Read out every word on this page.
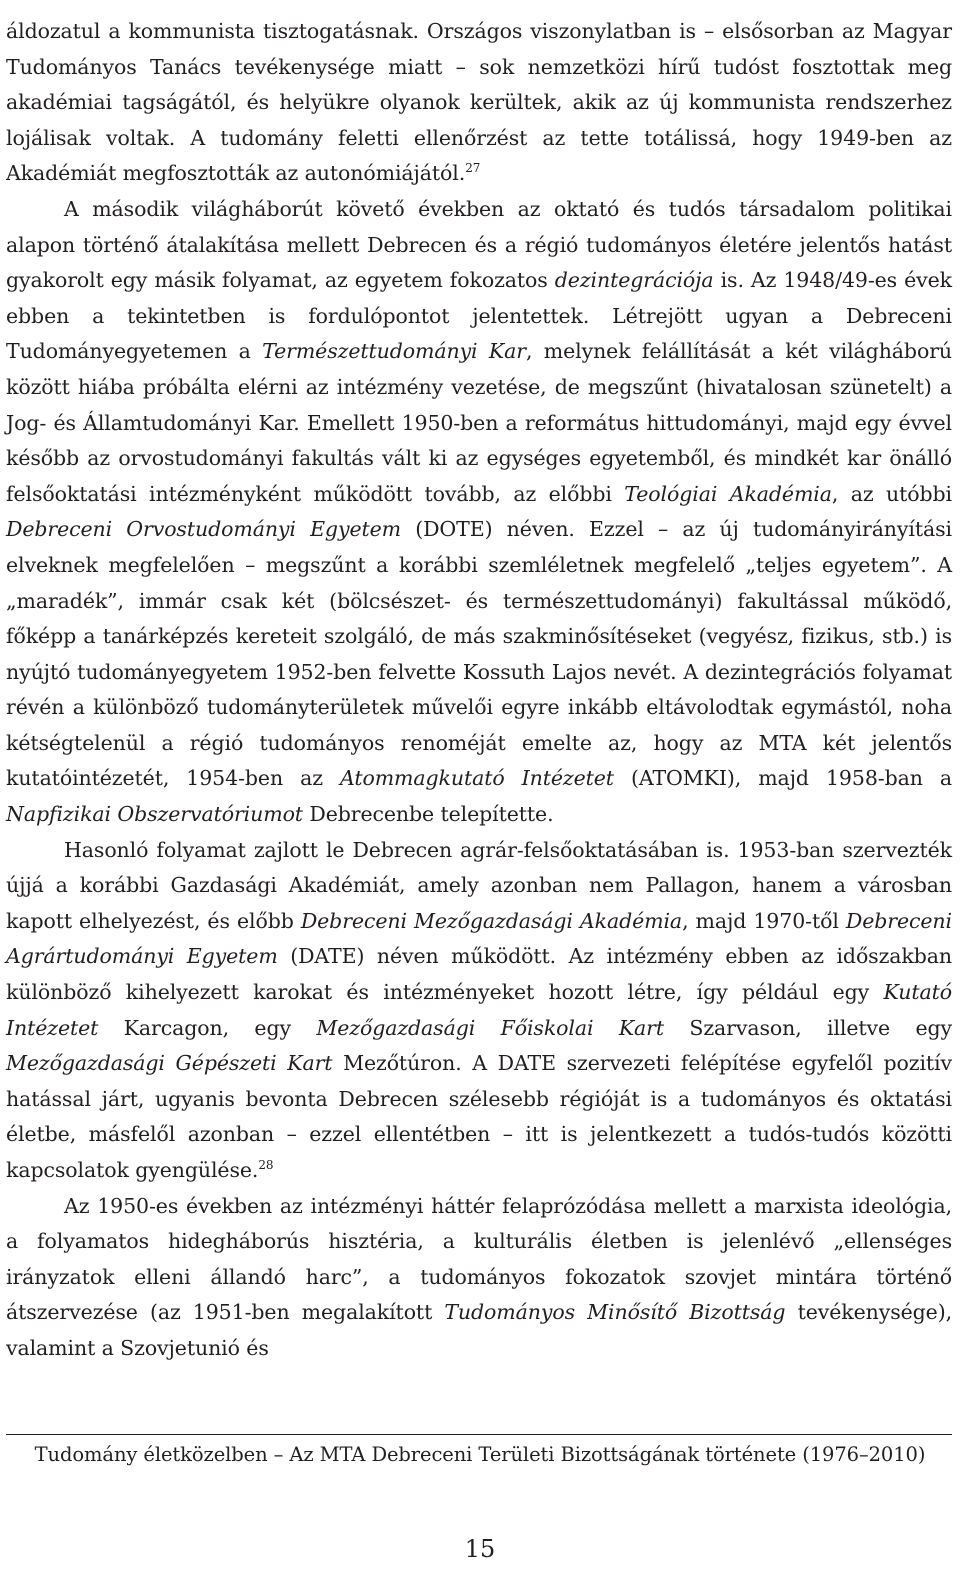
áldozatul a kommunista tisztogatásnak. Országos viszonylatban is – elsősorban az Magyar Tudományos Tanács tevékenysége miatt – sok nemzetközi hírű tudóst fosztottak meg akadémiai tagságától, és helyükre olyanok kerültek, akik az új kommunista rendszerhez lojálisak voltak. A tudomány feletti ellenőrzést az tette totálissá, hogy 1949-ben az Akadémiát megfosztották az autonómiájától.$^{27}$

A második világháborút követő években az oktató és tudós társadalom politikai alapon történő átalakítása mellett Debrecen és a régió tudományos életére jelentős hatást gyakorolt egy másik folyamat, az egyetem fokozatos dezintegrációja is. Az 1948/49-es évek ebben a tekintetben is fordulópontot jelentettek. Létrejött ugyan a Debreceni Tudományegyetemen a Természettudományi Kar, melynek felállítását a két világháború között hiába próbálta elérni az intézmény vezetése, de megszűnt (hivatalosan szünetelt) a Jog- és Államtudományi Kar. Emellett 1950-ben a református hittudományi, majd egy évvel később az orvostudományi fakultás vált ki az egységes egyetemből, és mindkét kar önálló felsőoktatási intézményként működött tovább, az előbbi Teológiai Akadémia, az utóbbi Debreceni Orvostudományi Egyetem (DOTE) néven. Ezzel – az új tudományirányítási elveknek megfelelően – megszűnt a korábbi szemléletnek megfelelő „teljes egyetem”. A „maradék”, immár csak két (bölcsészet- és természettudományi) fakultással működő, főképp a tanárképzés kereteit szolgáló, de más szakminősítéseket (vegyész, fizikus, stb.) is nyújtó tudományegyetem 1952-ben felvette Kossuth Lajos nevét. A dezintegrációs folyamat révén a különböző tudományterületek művelői egyre inkább eltávolodtak egymástól, noha kétségtelenül a régió tudományos renoméját emelte az, hogy az MTA két jelentős kutatóintézetét, 1954-ben az Atommagkutató Intézetet (ATOMKI), majd 1958-ban a Napfizikai Obszervatóriumot Debrecenbe telepítette.

Hasonló folyamat zajlott le Debrecen agrár-felsőoktatásában is. 1953-ban szervezték újjá a korábbi Gazdasági Akadémiát, amely azonban nem Pallagon, hanem a városban kapott elhelyezést, és előbb Debreceni Mezőgazdasági Akadémia, majd 1970-től Debreceni Agrártudományi Egyetem (DATE) néven működött. Az intézmény ebben az időszakban különböző kihelyezett karokat és intézményeket hozott létre, így például egy Kutató Intézetet Karcagon, egy Mezőgazdasági Főiskolai Kart Szarvason, illetve egy Mezőgazdasági Gépészeti Kart Mezőtúron. A DATE szervezeti felépítése egyfelől pozitív hatással járt, ugyanis bevonta Debrecen szélesebb régióját is a tudományos és oktatási életbe, másfelől azonban – ezzel ellentétben – itt is jelentkezett a tudós-tudós közötti kapcsolatok gyengülése.$^{28}$

Az 1950-es években az intézményi háttér felaprózódása mellett a marxista ideológia, a folyamatos hidegháborús hisztéria, a kulturális életben is jelenlévő „ellenséges irányzatok elleni állandó harc”, a tudományos fokozatok szovjet mintára történő átszervezése (az 1951-ben megalakított Tudományos Minősítő Bizottság tevékenysége), valamint a Szovjetunió és

Tudomány életközelben – Az MTA Debreceni Területi Bizottságának története (1976–2010)
15
